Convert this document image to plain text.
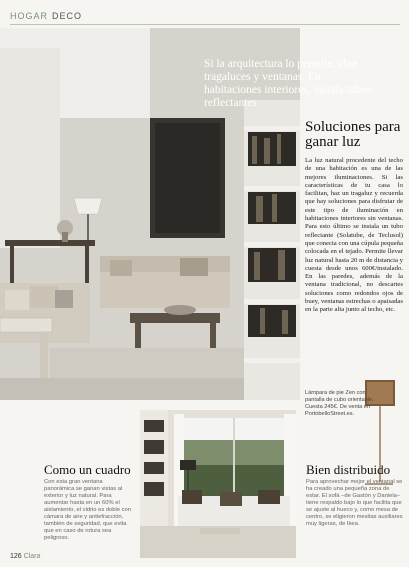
HOGAR DECO
Si la arquitectura lo permite, abre tragaluces y ventanas. En habitaciones interiores, instala tubos reflectantes
Soluciones para ganar luz
La luz natural procedente del techo de una habitación es una de las mejores iluminaciones. Si las características de tu casa lo facilitan, haz un tragaluz y recuerda que hay soluciones para disfrutar de este tipo de iluminación en habitaciones interiores sin ventanas. Para esto último se instala un tubo reflectante (Solatube, de Teclusol) que conecta con una cúpula pequeña colocada en el tejado. Permite llevar luz natural hasta 20 m de distancia y cuesta desde unos 600€/instalado. En las paredes, además de la ventana tradicional, no descartes soluciones como redondos ojos de buey, ventanas estrechas o apaisadas en la parte alta junto al techo, etc.
Lámpara de pie Zen con pantalla de cubo orientable. Cuesta 245€. De venta en PortobelloStreet.es.
Como un cuadro
Con esta gran ventana panorámica se ganan vistas al exterior y luz natural. Para aumentar hasta en un 60% el aislamiento, el vidrio es doble con cámara de aire y antiefracción, también de seguridad, que evita que en caso de rotura sea peligroso.
Bien distribuido
Para aprovechar mejor el ventanal se ha creado una pequeña zona de estar. El sofá –de Gastón y Daniela– tiene respaldo bajo lo que facilita que se ajuste al hueco y, como mesa de centro, se eligieron mesitas auxiliares muy ligeras, de Ikea.
126 Clara
